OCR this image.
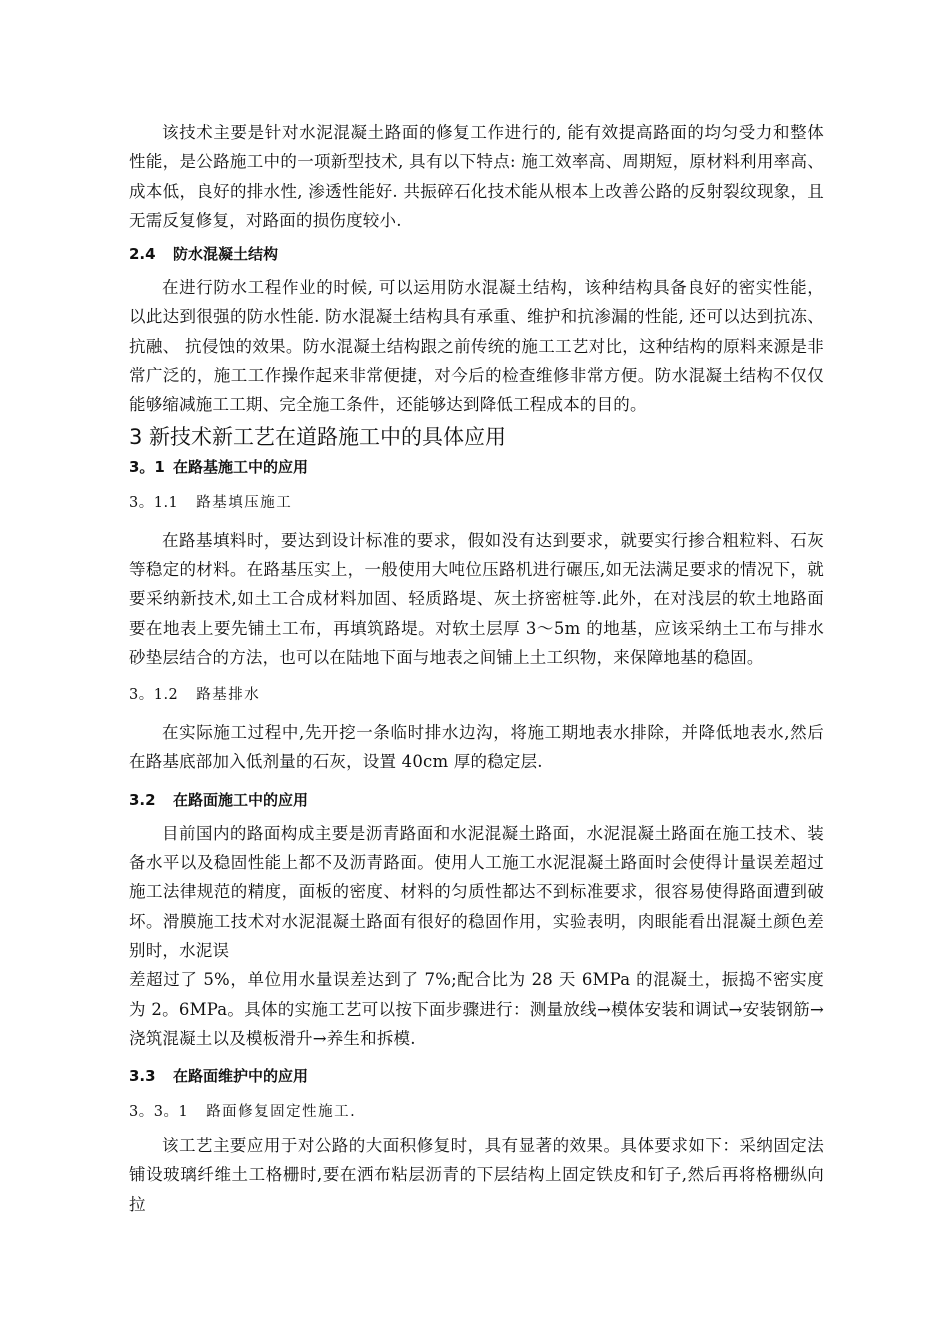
该技术主要是针对水泥混凝土路面的修复工作进行的, 能有效提高路面的均匀受力和整体性能，是公路施工中的一项新型技术, 具有以下特点: 施工效率高、周期短，原材料利用率高、成本低，良好的排水性, 渗透性能好. 共振碎石化技术能从根本上改善公路的反射裂纹现象，且无需反复修复，对路面的损伤度较小.

2.4 防水混凝土结构

在进行防水工程作业的时候, 可以运用防水混凝土结构，该种结构具备良好的密实性能，以此达到很强的防水性能. 防水混凝土结构具有承重、维护和抗渗漏的性能, 还可以达到抗冻、抗融、 抗侵蚀的效果。防水混凝土结构跟之前传统的施工工艺对比，这种结构的原料来源是非常广泛的，施工工作操作起来非常便捷，对今后的检查维修非常方便。防水混凝土结构不仅仅能够缩减施工工期、完全施工条件，还能够达到降低工程成本的目的。

3 新技术新工艺在道路施工中的具体应用
3。1 在路基施工中的应用
3。1.1 路基填压施工

在路基填料时，要达到设计标准的要求，假如没有达到要求，就要实行掺合粗粒料、石灰等稳定的材料。在路基压实上，一般使用大吨位压路机进行碾压,如无法满足要求的情况下，就要采纳新技术,如土工合成材料加固、轻质路堤、灰土挤密桩等.此外，在对浅层的软土地路面要在地表上要先铺土工布，再填筑路堤。对软土层厚 3～5m 的地基，应该采纳土工布与排水砂垫层结合的方法，也可以在陆地下面与地表之间铺上土工织物，来保障地基的稳固。

3。1.2 路基排水

在实际施工过程中,先开挖一条临时排水边沟，将施工期地表水排除，并降低地表水,然后在路基底部加入低剂量的石灰，设置 40cm 厚的稳定层.

3.2 在路面施工中的应用

目前国内的路面构成主要是沥青路面和水泥混凝土路面，水泥混凝土路面在施工技术、装备水平以及稳固性能上都不及沥青路面。使用人工施工水泥混凝土路面时会使得计量误差超过施工法律规范的精度，面板的密度、材料的匀质性都达不到标准要求，很容易使得路面遭到破坏。滑膜施工技术对水泥混凝土路面有很好的稳固作用，实验表明，肉眼能看出混凝土颜色差别时，水泥误

差超过了 5%，单位用水量误差达到了 7%;配合比为 28 天 6MPa 的混凝土，振捣不密实度为 2。6MPa。具体的实施工艺可以按下面步骤进行：测量放线→模体安装和调试→安装钢筋→浇筑混凝土以及模板滑升→养生和拆模.

3.3 在路面维护中的应用
3。3。1 路面修复固定性施工.

该工艺主要应用于对公路的大面积修复时，具有显著的效果。具体要求如下：采纳固定法铺设玻璃纤维土工格栅时,要在洒布粘层沥青的下层结构上固定铁皮和钉子,然后再将格栅纵向拉
